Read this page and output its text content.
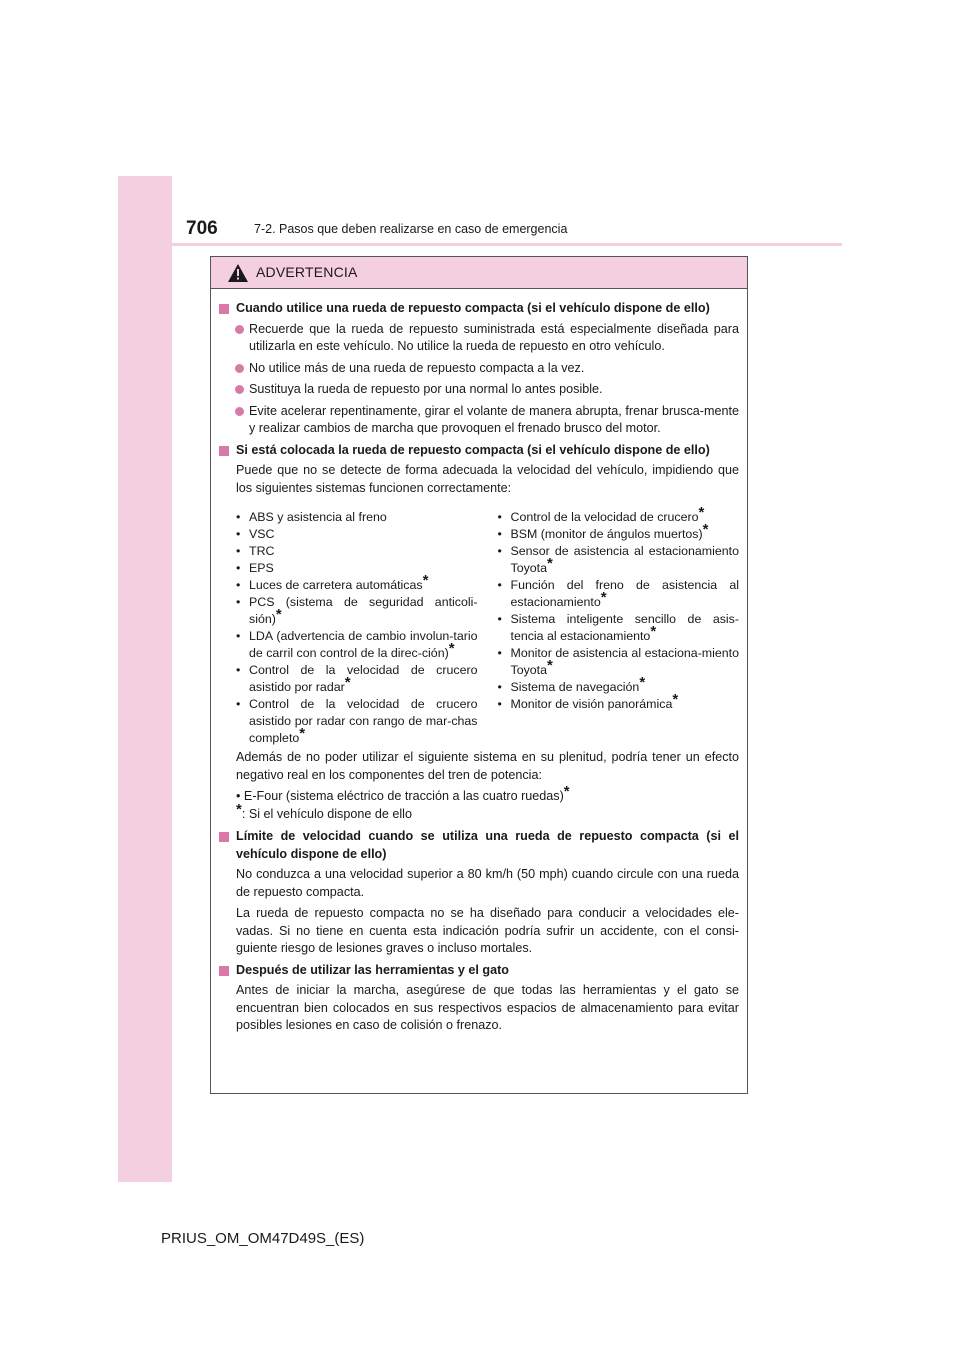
706	7-2. Pasos que deben realizarse en caso de emergencia
ADVERTENCIA
Cuando utilice una rueda de repuesto compacta (si el vehículo dispone de ello)
Recuerde que la rueda de repuesto suministrada está especialmente diseñada para utilizarla en este vehículo. No utilice la rueda de repuesto en otro vehículo.
No utilice más de una rueda de repuesto compacta a la vez.
Sustituya la rueda de repuesto por una normal lo antes posible.
Evite acelerar repentinamente, girar el volante de manera abrupta, frenar brusca-mente y realizar cambios de marcha que provoquen el frenado brusco del motor.
Si está colocada la rueda de repuesto compacta (si el vehículo dispone de ello)
Puede que no se detecte de forma adecuada la velocidad del vehículo, impidiendo que los siguientes sistemas funcionen correctamente:
• ABS y asistencia al freno
• VSC
• TRC
• EPS
• Luces de carretera automáticas*
• PCS (sistema de seguridad anticoli-sión)*
• LDA (advertencia de cambio involun-tario de carril con control de la direc-ción)*
• Control de la velocidad de crucero asistido por radar*
• Control de la velocidad de crucero asistido por radar con rango de mar-chas completo*
• Control de la velocidad de crucero*
• BSM (monitor de ángulos muertos)*
• Sensor de asistencia al estacionamiento Toyota*
• Función del freno de asistencia al estacionamiento*
• Sistema inteligente sencillo de asis-tencia al estacionamiento*
• Monitor de asistencia al estaciona-miento Toyota*
• Sistema de navegación*
• Monitor de visión panorámica*
Además de no poder utilizar el siguiente sistema en su plenitud, podría tener un efecto negativo real en los componentes del tren de potencia:
• E-Four (sistema eléctrico de tracción a las cuatro ruedas)*
*: Si el vehículo dispone de ello
Límite de velocidad cuando se utiliza una rueda de repuesto compacta (si el vehículo dispone de ello)
No conduzca a una velocidad superior a 80 km/h (50 mph) cuando circule con una rueda de repuesto compacta.
La rueda de repuesto compacta no se ha diseñado para conducir a velocidades ele-vadas. Si no tiene en cuenta esta indicación podría sufrir un accidente, con el consi-guiente riesgo de lesiones graves o incluso mortales.
Después de utilizar las herramientas y el gato
Antes de iniciar la marcha, asegúrese de que todas las herramientas y el gato se encuentran bien colocados en sus respectivos espacios de almacenamiento para evitar posibles lesiones en caso de colisión o frenazo.
PRIUS_OM_OM47D49S_(ES)
